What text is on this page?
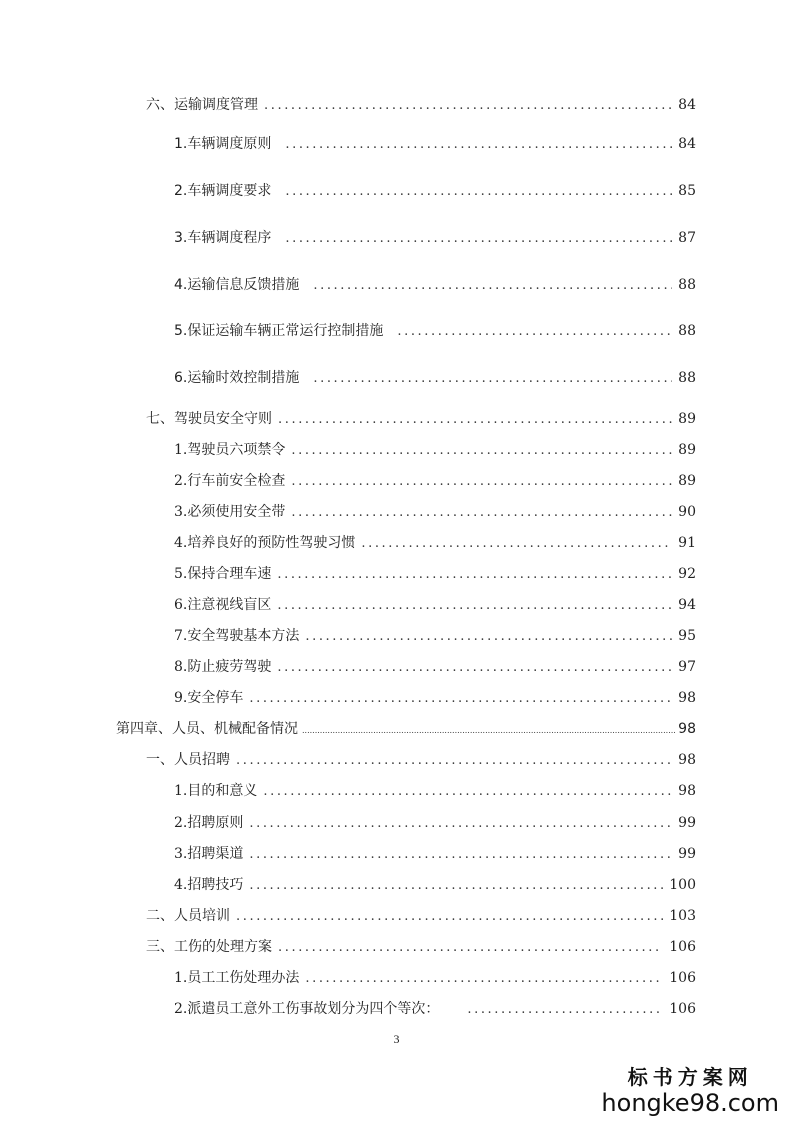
六、 运输调度管理 .....	84
1. 车辆调度原则 .....	84
2. 车辆调度要求 .....	85
3. 车辆调度程序 .....	87
4. 运输信息反馈措施 .....	88
5. 保证运输车辆正常运行控制措施 .....	88
6. 运输时效控制措施 .....	88
七、 驾驶员安全守则 .....	89
1. 驾驶员六项禁令 .....	89
2. 行车前安全检查 .....	89
3. 必须使用安全带 .....	90
4. 培养良好的预防性驾驶习惯 .....	91
5. 保持合理车速 .....	92
6. 注意视线盲区 .....	94
7. 安全驾驶基本方法 .....	95
8. 防止疲劳驾驶 .....	97
9. 安全停车 .....	98
第四章、人员、机械配备情况 .....	98
一、 人员招聘 .....	98
1. 目的和意义 .....	98
2. 招聘原则 .....	99
3. 招聘渠道 .....	99
4. 招聘技巧 .....	100
二、 人员培训 .....	103
三、 工伤的处理方案 .....	106
1. 员工工伤处理办法 .....	106
2. 派遣员工意外工伤事故划分为四个等次： .....	106
3
标书方案网
hongke98.com
